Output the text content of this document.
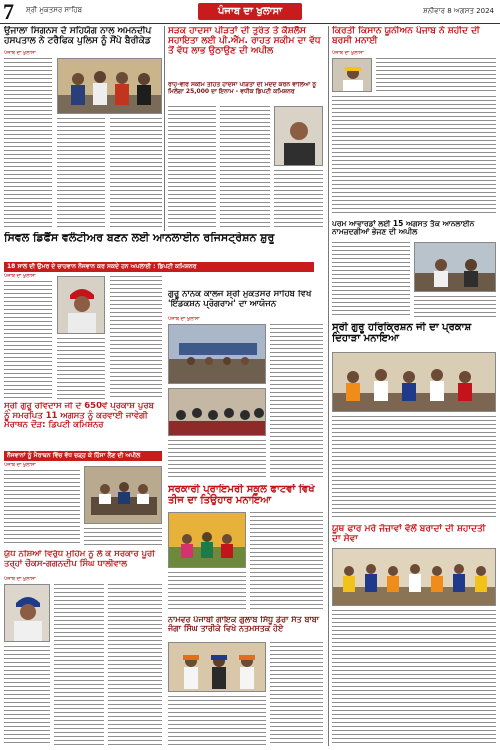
7 ਸ਼੍ਰੀ ਮੁਕਤਸਰ ਸਾਹਿਬ	ਪੰਜਾਬ ਦਾ ਖੁਲਾਸਾ	ਸ਼ਨੀਵਾਰ 8 ਅਗਸਤ 2024
ਉਜਾਲਾ ਸਿਗਨਸ ਦੇ ਸਹਿਯੋਗ ਨਾਲ ਅਮਨਦੀਪ ਹਸਪਤਾਲ ਨੇ ਟਰੈਫਿਕ ਪੁਲਿਸ ਨੂੰ ਸੌਂਪੇ ਬੈਰੀਕੇਡ
ਪੰਜਾਬ ਦਾ ਖੁਲਾਸਾ
ਸਿਵਲ ਡਿਫੈਂਸ ਵਲੰਟੀਅਰ ਬਣਨ ਲਈ ਆਨਲਾਈਨ ਰਜਿਸਟ੍ਰੇਸ਼ਨ ਸ਼ੁਰੂ
18 ਸਾਲ ਦੀ ਉਮਰ ਦੇ ਚਾਹਵਾਨ ਨੌਜਵਾਨ ਕਰ ਸਕਦੇ ਹਨ ਅਪਲਾਈ : ਡਿਪਟੀ ਕਮਿਸ਼ਨਰ
ਪੰਜਾਬ ਦਾ ਖੁਲਾਸਾ
ਸ੍ਰੀ ਗੁਰੂ ਰਵਿਦਾਸ ਜੀ ਦੇ 650ਵੇਂ ਪ੍ਰਕਾਸ਼ ਪੁਰਬ ਨੂੰ ਸਮਰਪਿਤ 11 ਅਗਸਤ ਨੂੰ ਕਰਵਾਈ ਜਾਵੇਗੀ ਮੈਰਾਥਨ ਦੌੜ: ਡਿਪਟੀ ਕਮਿਸ਼ਨਰ
ਨੌਜਵਾਨਾਂ ਨੂੰ ਮੈਰਾਥਨ ਵਿੱਚ ਵੱਧ ਚੜ੍ਹ ਕੇ ਹਿੱਸਾ ਲੈਣ ਦੀ ਅਪੀਲ
ਪੰਜਾਬ ਦਾ ਖੁਲਾਸਾ
ਯੁੱਧ ਨਸ਼ਿਆਂ ਵਿਰੁੱਧ ਮੁਹਿੰਮ ਨੂੰ ਲੈ ਕੇ ਸਰਕਾਰ ਪੂਰੀ ਤਰ੍ਹਾਂ ਚੌਕਸ-ਗਗਨਦੀਪ ਸਿੰਘ ਧਾਲੀਵਾਲ
ਪੰਜਾਬ ਦਾ ਖੁਲਾਸਾ
ਸੜਕ ਹਾਦਸਾ ਪੀੜਤਾਂ ਦੀ ਤੁਰੰਤ ਤੇ ਕੈਸ਼ਲੈੱਸ ਸਹਾਇਤਾ ਲਈ ਪੀ.ਐੱਮ. ਰਾਹਤ ਸਕੀਮ ਦਾ ਵੱਧ ਤੋਂ ਵੱਧ ਲਾਭ ਉਠਾਉਣ ਦੀ ਅਪੀਲ
ਰਾਹ-ਵੀਰ ਸਕੀਮ ਤਹਿਤ ਹਾਦਸਾ ਪੀੜਤਾਂ ਦੀ ਮਦਦ ਕਰਨ ਵਾਲਿਆਂ ਨੂੰ ਮਿਲੇਗਾ 25,000 ਦਾ ਇਨਾਮ - ਵਧੀਕ ਡਿਪਟੀ ਕਮਿਸ਼ਨਰ
ਗੁਰੂ ਨਾਨਕ ਕਾਲਜ ਸ਼੍ਰੀ ਮੁਕਤਸਰ ਸਾਹਿਬ ਵਿਖੇ 'ਇੰਡਕਸ਼ਨ ਪ੍ਰੋਗਰਾਮ' ਦਾ ਆਯੋਜਨ
ਪੰਜਾਬ ਦਾ ਖੁਲਾਸਾ
ਸਰਕਾਰੀ ਪ੍ਰਾਇਮਰੀ ਸਕੂਲ ਫਾਟਵਾਂ ਵਿਖੇ ਤੀਜ ਦਾ ਤਿਉਹਾਰ ਮਨਾਇਆ
ਨਾਮਵਰ ਪੰਜਾਬੀ ਗਾਇਕ ਗੁਲਾਬ ਸਿੱਧੂ ਡੇਰਾ ਸੰਤ ਬਾਬਾ ਜੰਗਾ ਸਿੰਘ ਤਾਰੀਕੇ ਵਿਖੇ ਨਤਮਸਤਕ ਹੋਏ
ਕਿਰਤੀ ਕਿਸਾਨ ਯੂਨੀਅਨ ਪੰਜਾਬ ਨੇ ਸ਼ਹੀਦ ਦੀ ਬਰਸੀ ਮਨਾਈ
ਪੰਜਾਬ ਦਾ ਖੁਲਾਸਾ
ਪਰਮ ਆਵਾਰਡਾਂ ਲਈ 15 ਅਗਸਤ ਤੱਕ ਆਨਲਾਈਨ ਨਾਮਜ਼ਦਗੀਆਂ ਭੇਜਣ ਦੀ ਅਪੀਲ
ਸ੍ਰੀ ਗੁਰੂ ਹਰਿਕ੍ਰਿਸ਼ਨ ਜੀ ਦਾ ਪ੍ਰਕਾਸ਼ ਦਿਹਾੜਾ ਮਨਾਇਆ
ਯੂਥ ਫਾਰ ਮਰੇ ਜੋਜ਼ਾਵਾਂ ਵੱਲੋਂ ਬਰਾਦਾਂ ਦੀ ਸ਼ਹਾਦਤੀ ਦਾ ਸੇਵਾ
